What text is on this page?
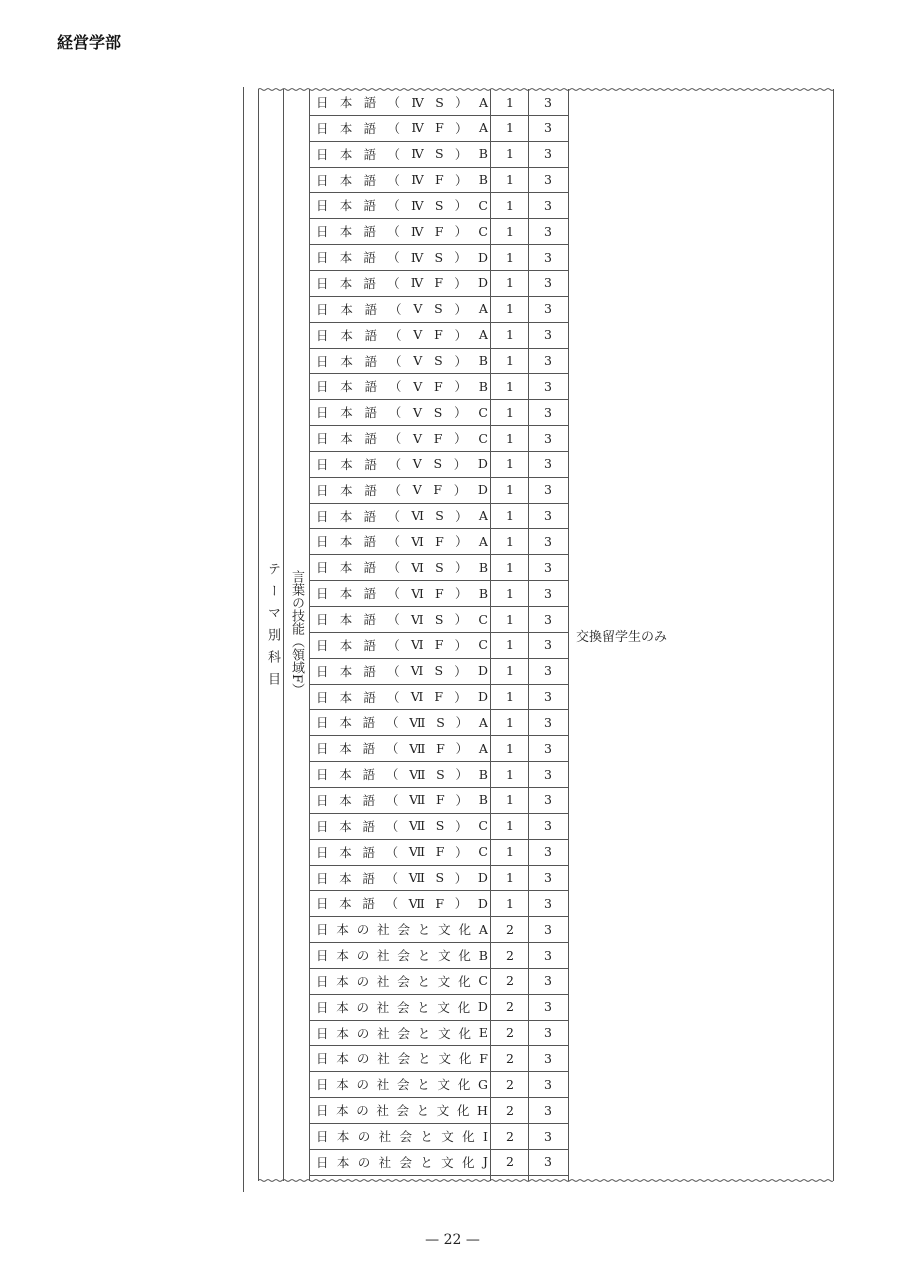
経営学部
テーマ別科目 言葉の技能（領域F）
日 本 語 （ Ⅳ S ） A	1	3
日 本 語 （ Ⅳ F ） A	1	3
日 本 語 （ Ⅳ S ） B	1	3
日 本 語 （ Ⅳ F ） B	1	3
日 本 語 （ Ⅳ S ） C	1	3
日 本 語 （ Ⅳ F ） C	1	3
日 本 語 （ Ⅳ S ） D	1	3
日 本 語 （ Ⅳ F ） D	1	3
日 本 語 （ Ⅴ S ） A	1	3
日 本 語 （ Ⅴ F ） A	1	3
日 本 語 （ Ⅴ S ） B	1	3
日 本 語 （ Ⅴ F ） B	1	3
日 本 語 （ Ⅴ S ） C	1	3
日 本 語 （ Ⅴ F ） C	1	3
日 本 語 （ Ⅴ S ） D	1	3
日 本 語 （ Ⅴ F ） D	1	3
日 本 語 （ Ⅵ S ） A	1	3
日 本 語 （ Ⅵ F ） A	1	3
日 本 語 （ Ⅵ S ） B	1	3
日 本 語 （ Ⅵ F ） B	1	3
日 本 語 （ Ⅵ S ） C	1	3
日 本 語 （ Ⅵ F ） C	1	3
日 本 語 （ Ⅵ S ） D	1	3
日 本 語 （ Ⅵ F ） D	1	3
日 本 語 （ Ⅶ S ） A	1	3
日 本 語 （ Ⅶ F ） A	1	3
日 本 語 （ Ⅶ S ） B	1	3
日 本 語 （ Ⅶ F ） B	1	3
日 本 語 （ Ⅶ S ） C	1	3
日 本 語 （ Ⅶ F ） C	1	3
日 本 語 （ Ⅶ S ） D	1	3
日 本 語 （ Ⅶ F ） D	1	3
日 本 の 社 会 と 文 化 A	2	3
日 本 の 社 会 と 文 化 B	2	3
日 本 の 社 会 と 文 化 C	2	3
日 本 の 社 会 と 文 化 D	2	3
日 本 の 社 会 と 文 化 E	2	3
日 本 の 社 会 と 文 化 F	2	3
日 本 の 社 会 と 文 化 G	2	3
日 本 の 社 会 と 文 化 H	2	3
日 本 の 社 会 と 文 化 I	2	3
日 本 の 社 会 と 文 化 J	2	3
交換留学生のみ
— 22 —
